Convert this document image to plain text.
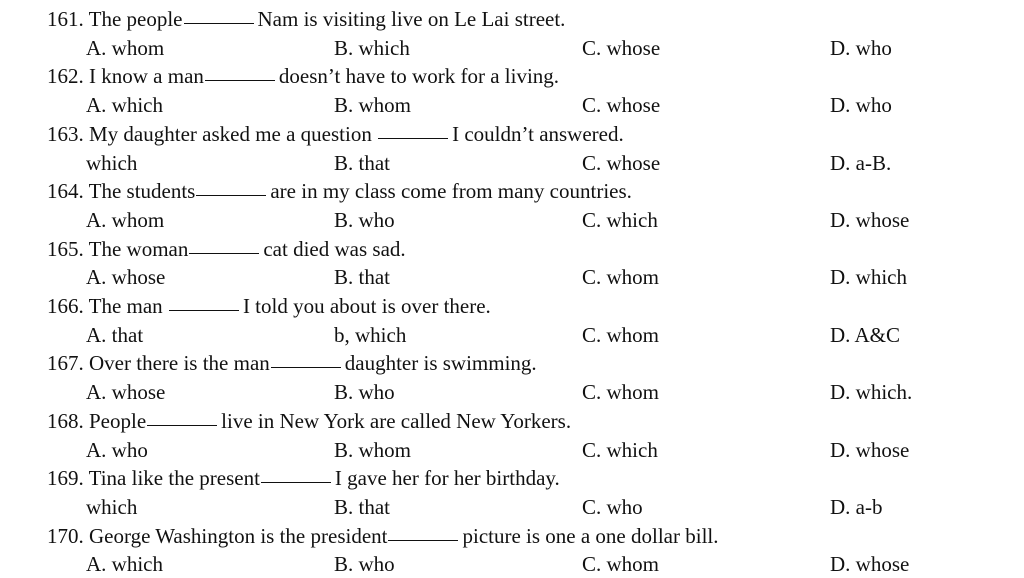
161. The people	Nam is visiting live on Le Lai street.
A. whom	B. which	C. whose	D. who
162. I know a man	doesn’t have to work for a living.
A. which	B. whom	C. whose	D. who
163. My daughter asked me a question	I couldn’t answered.
which	B. that	C. whose	D. a-B.
164. The students	are in my class come from many countries.
A. whom	B. who	C. which	D. whose
165. The woman	cat died was sad.
A. whose	B. that	C. whom	D. which
166. The man	I told you about is over there.
A. that	b, which	C. whom	D. A&C
167. Over there is the man	daughter is swimming.
A. whose	B. who	C. whom	D. which.
168. People	live in New York are called New Yorkers.
A. who	B. whom	C. which	D. whose
169. Tina like the present	I gave her for her birthday.
which	B. that	C. who	D. a-b
170. George Washington is the president	picture is one a one dollar bill.
A. which	B. who	C. whom	D. whose
